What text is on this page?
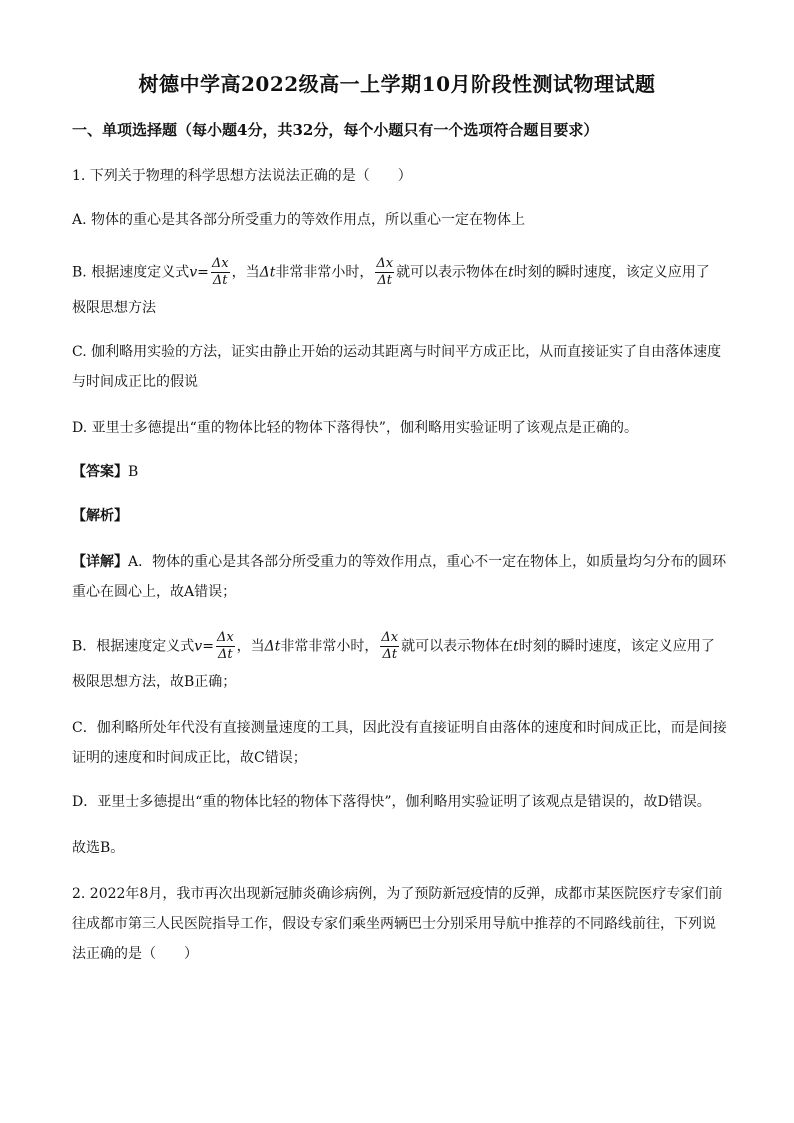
树德中学高2022级高一上学期10月阶段性测试物理试题
一、单项选择题（每小题4分，共32分，每个小题只有一个选项符合题目要求）
1. 下列关于物理的科学思想方法说法正确的是（　　）
A. 物体的重心是其各部分所受重力的等效作用点，所以重心一定在物体上
B. 根据速度定义式$v= \frac{\Delta x}{\Delta t}$ ，当Δt非常非常小时， $\frac{\Delta x}{\Delta t}$ 就可以表示物体在t时刻的瞬时速度，该定义应用了
极限思想方法
C. 伽利略用实验的方法，证实由静止开始的运动其距离与时间平方成正比，从而直接证实了自由落体速度
与时间成正比的假说
D. 亚里士多德提出“重的物体比轻的物体下落得快”，伽利略用实验证明了该观点是正确的。
【答案】B
【解析】
【详解】A．物体的重心是其各部分所受重力的等效作用点，重心不一定在物体上，如质量均匀分布的圆环
重心在圆心上，故A错误；
B．根据速度定义式$v= \frac{\Delta x}{\Delta t}$ ，当Δt非常非常小时， $\frac{\Delta x}{\Delta t}$ 就可以表示物体在t时刻的瞬时速度，该定义应用了
极限思想方法，故B正确；
C．伽利略所处年代没有直接测量速度的工具，因此没有直接证明自由落体的速度和时间成正比，而是间接
证明的速度和时间成正比，故C错误；
D．亚里士多德提出“重的物体比轻的物体下落得快”，伽利略用实验证明了该观点是错误的，故D错误。
故选B。
2. 2022年8月，我市再次出现新冠肺炎确诊病例，为了预防新冠疫情的反弹，成都市某医院医疗专家们前
往成都市第三人民医院指导工作，假设专家们乘坐两辆巴士分别采用导航中推荐的不同路线前往，下列说
法正确的是（　　）
